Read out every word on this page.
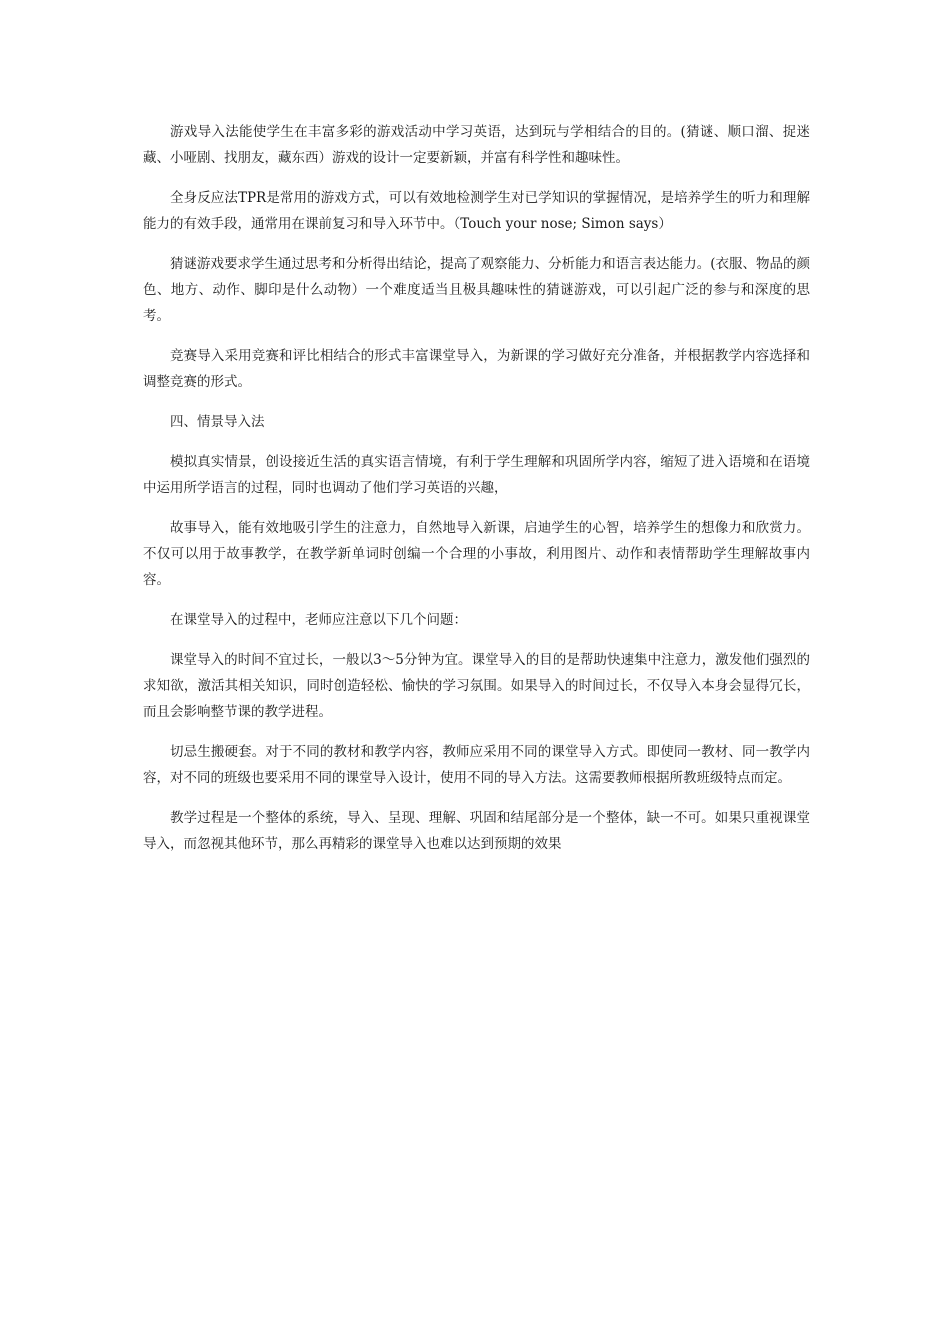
游戏导入法能使学生在丰富多彩的游戏活动中学习英语，达到玩与学相结合的目的。(猜谜、顺口溜、捉迷藏、小哑剧、找朋友，藏东西）游戏的设计一定要新颖，并富有科学性和趣味性。

全身反应法TPR是常用的游戏方式，可以有效地检测学生对已学知识的掌握情况，是培养学生的听力和理解能力的有效手段，通常用在课前复习和导入环节中。（Touch your nose; Simon says）

猜谜游戏要求学生通过思考和分析得出结论，提高了观察能力、分析能力和语言表达能力。(衣服、物品的颜色、地方、动作、脚印是什么动物）一个难度适当且极具趣味性的猜谜游戏，可以引起广泛的参与和深度的思考。

竞赛导入采用竞赛和评比相结合的形式丰富课堂导入，为新课的学习做好充分准备，并根据教学内容选择和调整竞赛的形式。

四、情景导入法

模拟真实情景，创设接近生活的真实语言情境，有利于学生理解和巩固所学内容，缩短了进入语境和在语境中运用所学语言的过程，同时也调动了他们学习英语的兴趣，

故事导入，能有效地吸引学生的注意力，自然地导入新课，启迪学生的心智，培养学生的想像力和欣赏力。不仅可以用于故事教学，在教学新单词时创编一个合理的小事故，利用图片、动作和表情帮助学生理解故事内容。

在课堂导入的过程中，老师应注意以下几个问题：

课堂导入的时间不宜过长，一般以3～5分钟为宜。课堂导入的目的是帮助快速集中注意力，激发他们强烈的求知欲，激活其相关知识，同时创造轻松、愉快的学习氛围。如果导入的时间过长，不仅导入本身会显得冗长，而且会影响整节课的教学进程。

切忌生搬硬套。对于不同的教材和教学内容，教师应采用不同的课堂导入方式。即使同一教材、同一教学内容，对不同的班级也要采用不同的课堂导入设计，使用不同的导入方法。这需要教师根据所教班级特点而定。

教学过程是一个整体的系统，导入、呈现、理解、巩固和结尾部分是一个整体，缺一不可。如果只重视课堂导入，而忽视其他环节，那么再精彩的课堂导入也难以达到预期的效果
